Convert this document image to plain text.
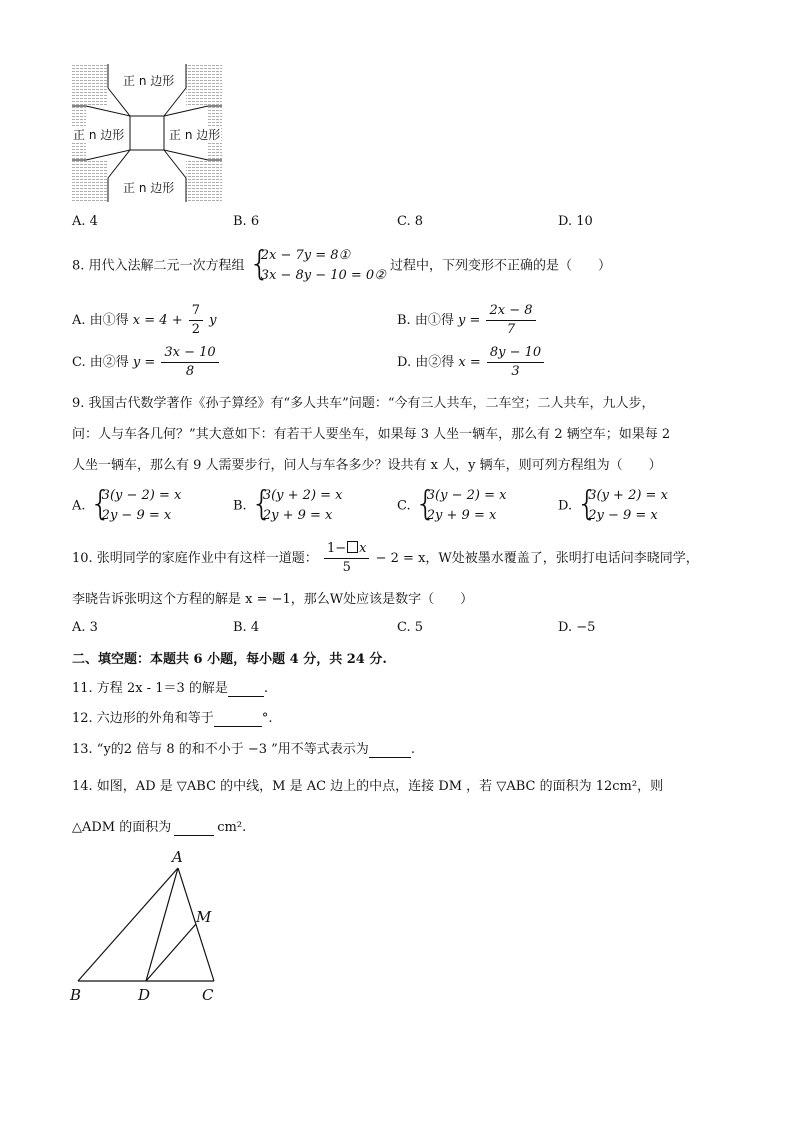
正 n 边形
正 n 边形	正 n 边形
正 n 边形
A. 4	B. 6	C. 8	D. 10
8. 用代入法解二元一次方程组 {
2x − 7y = 8①
3x − 8y − 10 = 0②
过程中，下列变形不正确的是（　　）
A. 由①得 $x = 4 + \frac{7}{2}$ y	B. 由①得 $y = \frac{2x - 8}{7}$
C. 由②得 $y = \frac{3x - 10}{8}$	D. 由②得 $x = \frac{8y - 10}{3}$
9. 我国古代数学著作《孙子算经》有“多人共车”问题：“今有三人共车，二车空；二人共车，九人步，
问：人与车各几何？”其大意如下：有若干人要坐车，如果每 3 人坐一辆车，那么有 2 辆空车；如果每 2
人坐一辆车，那么有 9 人需要步行，问人与车各多少？设共有 x 人，y 辆车，则可列方程组为（　　）
A. {
3(y − 2) = x
2y − 9 = x
B. {
3(y + 2) = x
2y + 9 = x
C. {
3(y − 2) = x
2y + 9 = x
D. {
3(y + 2) = x
2y − 9 = x
10. 张明同学的家庭作业中有这样一道题： $\frac{1- x}{5} - 2 = x$，W处被墨水覆盖了，张明打电话问李晓同学，
李晓告诉张明这个方程的解是 x = −1，那么W处应该是数字（　　）
A. 3	B. 4	C. 5	D. −5
二、填空题：本题共 6 小题，每小题 4 分，共 24 分.
11. 方程 2x - 1＝3 的解是	.
12. 六边形的外角和等于	°.
13. “y的2 倍与 8 的和不小于 −3 ”用不等式表示为	.
14. 如图，AD 是 ▽ABC 的中线，M 是 AC 边上的中点，连接 DM ，若 ▽ABC 的面积为 12cm²，则
△ADM 的面积为	cm².
A
B	D	C
M
